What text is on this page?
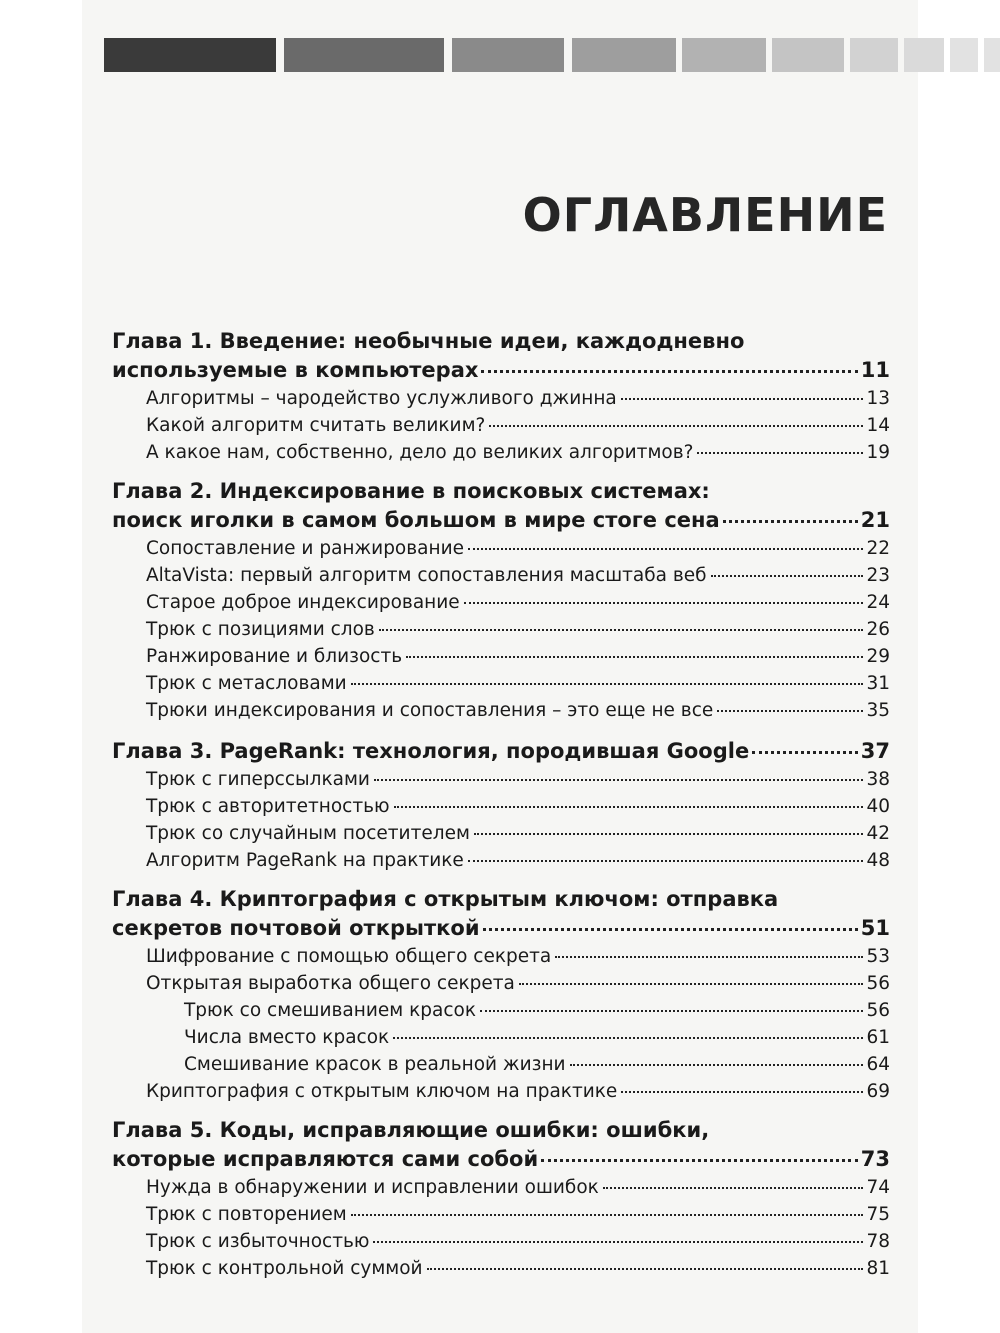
ОГЛАВЛЕНИЕ
Глава 1. Введение: необычные идеи, каждодневно
используемые в компьютерах	11
Алгоритмы – чародейство услужливого джинна	13
Какой алгоритм считать великим?	14
А какое нам, собственно, дело до великих алгоритмов?	19
Глава 2. Индексирование в поисковых системах:
поиск иголки в самом большом в мире стоге сена	21
Сопоставление и ранжирование	22
AltaVista: первый алгоритм сопоставления масштаба веб	23
Старое доброе индексирование	24
Трюк с позициями слов	26
Ранжирование и близость	29
Трюк с метасловами	31
Трюки индексирования и сопоставления – это еще не все	35
Глава 3. PageRank: технология, породившая Google	37
Трюк с гиперссылками	38
Трюк с авторитетностью	40
Трюк со случайным посетителем	42
Алгоритм PageRank на практике	48
Глава 4. Криптография с открытым ключом: отправка
секретов почтовой открыткой	51
Шифрование с помощью общего секрета	53
Открытая выработка общего секрета	56
Трюк со смешиванием красок	56
Числа вместо красок	61
Смешивание красок в реальной жизни	64
Криптография с открытым ключом на практике	69
Глава 5. Коды, исправляющие ошибки: ошибки,
которые исправляются сами собой	73
Нужда в обнаружении и исправлении ошибок	74
Трюк с повторением	75
Трюк с избыточностью	78
Трюк с контрольной суммой	81
